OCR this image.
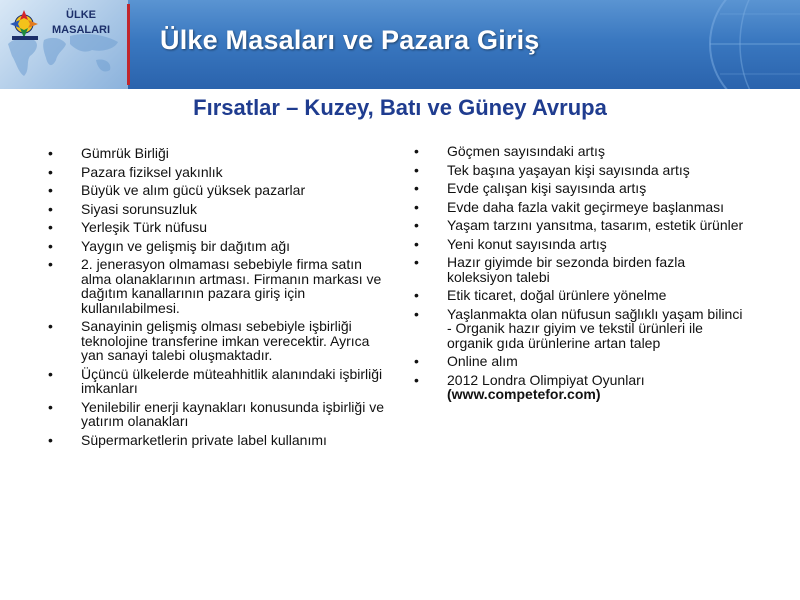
ÜLKE
MASALARI Ülke Masaları ve Pazara Giriş
Fırsatlar – Kuzey, Batı ve Güney Avrupa
• Gümrük Birliği
• Pazara fiziksel yakınlık
• Büyük ve alım gücü yüksek pazarlar
• Siyasi sorunsuzluk
• Yerleşik Türk nüfusu
• Yaygın ve gelişmiş bir dağıtım ağı
• 2. jenerasyon olmaması sebebiyle firma satın alma olanaklarının artması. Firmanın markası ve dağıtım kanallarının pazara giriş için kullanılabilmesi.
• Sanayinin gelişmiş olması sebebiyle işbirliği teknolojine transferine imkan verecektir. Ayrıca yan sanayi talebi oluşmaktadır.
• Üçüncü ülkelerde müteahhitlik alanındaki işbirliği imkanları
• Yenilebilir enerji kaynakları konusunda işbirliği ve yatırım olanakları
• Süpermarketlerin private label kullanımı
• Göçmen sayısındaki artış
• Tek başına yaşayan kişi sayısında artış
• Evde çalışan kişi sayısında artış
• Evde daha fazla vakit geçirmeye başlanması
• Yaşam tarzını yansıtma, tasarım, estetik ürünler
• Yeni konut sayısında artış
• Hazır giyimde bir sezonda birden fazla koleksiyon talebi
• Etik ticaret, doğal ürünlere yönelme
• Yaşlanmakta olan nüfusun sağlıklı yaşam bilinci - Organik hazır giyim ve tekstil ürünleri ile organik gıda ürünlerine artan talep
• Online alım
• 2012 Londra Olimpiyat Oyunları
(www.competefor.com)
